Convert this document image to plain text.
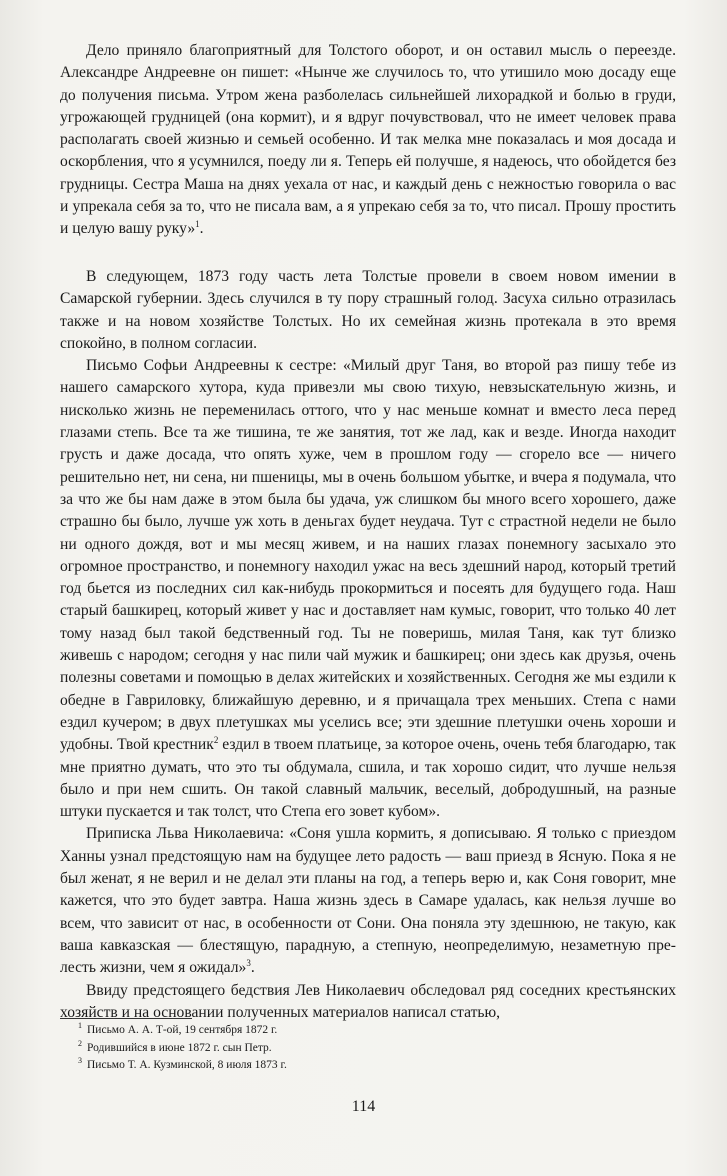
Дело приняло благоприятный для Толстого оборот, и он оставил мысль о переезде. Александре Андреевне он пишет: «Нынче же случилось то, что утишило мою досаду еще до получения письма. Утром жена разболелась сильнейшей лихорадкой и болью в груди, угрожающей грудницей (она кормит), и я вдруг почувствовал, что не имеет человек права располагать своей жизнью и семьей особенно. И так мелка мне показалась и моя досада и оскорбления, что я усумнился, поеду ли я. Теперь ей получше, я надеюсь, что обойдется без грудницы. Сестра Маша на днях уехала от нас, и каждый день с нежностью говорила о вас и упрекала себя за то, что не писала вам, а я упрекаю себя за то, что писал. Прошу простить и целую вашу руку»$^1$.

В следующем, 1873 году часть лета Толстые провели в своем новом имении в Самарской губернии. Здесь случился в ту пору страшный голод. Засуха сильно отразилась также и на новом хозяйстве Толстых. Но их семейная жизнь протекала в это время спокойно, в полном согласии.

Письмо Софьи Андреевны к сестре: «Милый друг Таня, во второй раз пишу тебе из нашего самарского хутора, куда привезли мы свою тихую, невзыскательную жизнь, и нисколько жизнь не переменилась оттого, что у нас меньше комнат и вместо леса перед глазами степь. Все та же тишина, те же занятия, тот же лад, как и везде. Иногда находит грусть и даже досада, что опять хуже, чем в прошлом году — сгорело все — ничего решительно нет, ни сена, ни пшеницы, мы в очень большом убытке, и вчера я подумала, что за что же бы нам даже в этом была бы удача, уж слишком бы много всего хорошего, даже страшно бы было, лучше уж хоть в деньгах будет неудача. Тут с страстной недели не было ни одного дождя, вот и мы месяц живем, и на наших глазах понемногу засыхало это огромное пространство, и понемногу находил ужас на весь здешний народ, который третий год бьется из последних сил как-нибудь прокормиться и посеять для будущего года. Наш старый башкирец, который живет у нас и доставляет нам кумыс, говорит, что только 40 лет тому назад был такой бедственный год. Ты не поверишь, милая Таня, как тут близко живешь с народом; сегодня у нас пили чай мужик и башкирец; они здесь как друзья, очень полезны советами и помощью в делах житейских и хозяйственных. Сегодня же мы ездили к обедне в Гавриловку, ближайшую деревню, и я причащала трех меньших. Степа с нами ездил кучером; в двух плетушках мы уселись все; эти здешние плетушки очень хороши и удобны. Твой крестник$^2$ ездил в твоем платьице, за которое очень, очень тебя благодарю, так мне приятно думать, что это ты обдумала, сшила, и так хорошо сидит, что лучше нельзя было и при нем сшить. Он такой славный мальчик, веселый, добродушный, на разные штуки пускается и так толст, что Степа его зовет кубом».

Приписка Льва Николаевича: «Соня ушла кормить, я дописываю. Я только с приездом Ханны узнал предстоящую нам на будущее лето радость — ваш приезд в Ясную. Пока я не был женат, я не верил и не делал эти планы на год, а теперь верю и, как Соня говорит, мне кажется, что это будет завтра. Наша жизнь здесь в Самаре удалась, как нельзя лучше во всем, что зависит от нас, в особенности от Сони. Она поняла эту здешнюю, не такую, как ваша кавказская — блестящую, парадную, а степную, неопределимую, незаметную прелесть жизни, чем я ожидал»$^3$.

Ввиду предстоящего бедствия Лев Николаевич обследовал ряд соседних крестьянских хозяйств и на основании полученных материалов написал статью,

$^1$ Письмо А. А. Т-ой, 19 сентября 1872 г.
$^2$ Родившийся в июне 1872 г. сын Петр.
$^3$ Письмо Т. А. Кузминской, 8 июля 1873 г.
114
